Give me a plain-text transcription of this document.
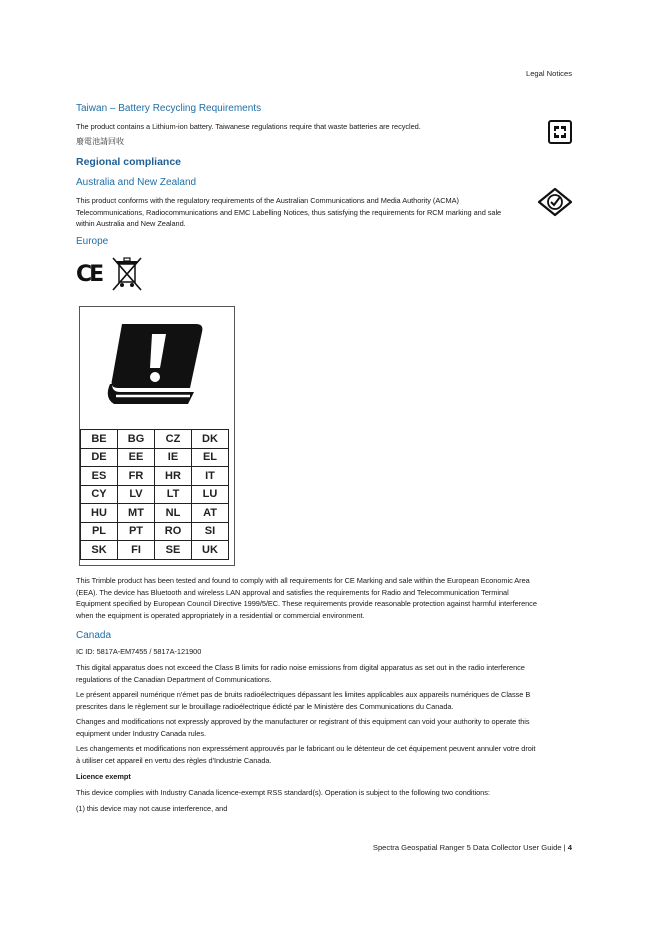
Legal Notices
Taiwan – Battery Recycling Requirements
The product contains a Lithium-ion battery. Taiwanese regulations require that waste batteries are recycled.
廢電池請回收
Regional compliance
Australia and New Zealand
This product conforms with the regulatory requirements of the Australian Communications and Media Authority (ACMA)
Telecommunications, Radiocommunications and EMC Labelling Notices, thus satisfying the requirements for RCM marking and sale
within Australia and New Zealand.
Europe
CE
BE	BG	CZ	DK
DE	EE	IE	EL
ES	FR	HR	IT
CY	LV	LT	LU
HU	MT	NL	AT
PL	PT	RO	SI
SK	FI	SE	UK
This Trimble product has been tested and found to comply with all requirements for CE Marking and sale within the European Economic Area
(EEA). The device has Bluetooth and wireless LAN approval and satisfies the requirements for Radio and Telecommunication Terminal
Equipment specified by European Council Directive 1999/5/EC. These requirements provide reasonable protection against harmful interference
when the equipment is operated appropriately in a residential or commercial environment.
Canada
IC ID: 5817A-EM7455 / 5817A-121900
This digital apparatus does not exceed the Class B limits for radio noise emissions from digital apparatus as set out in the radio interference
regulations of the Canadian Department of Communications.
Le présent appareil numérique n'émet pas de bruits radioélectriques dépassant les limites applicables aux appareils numériques de Classe B
prescrites dans le règlement sur le brouillage radioélectrique édicté par le Ministère des Communications du Canada.
Changes and modifications not expressly approved by the manufacturer or registrant of this equipment can void your authority to operate this
equipment under Industry Canada rules.
Les changements et modifications non expressément approuvés par le fabricant ou le détenteur de cet équipement peuvent annuler votre droit
à utiliser cet appareil en vertu des règles d'Industrie Canada.
Licence exempt
This device complies with Industry Canada licence-exempt RSS standard(s). Operation is subject to the following two conditions:
(1) this device may not cause interference, and
Spectra Geospatial Ranger 5 Data Collector User Guide | 4
